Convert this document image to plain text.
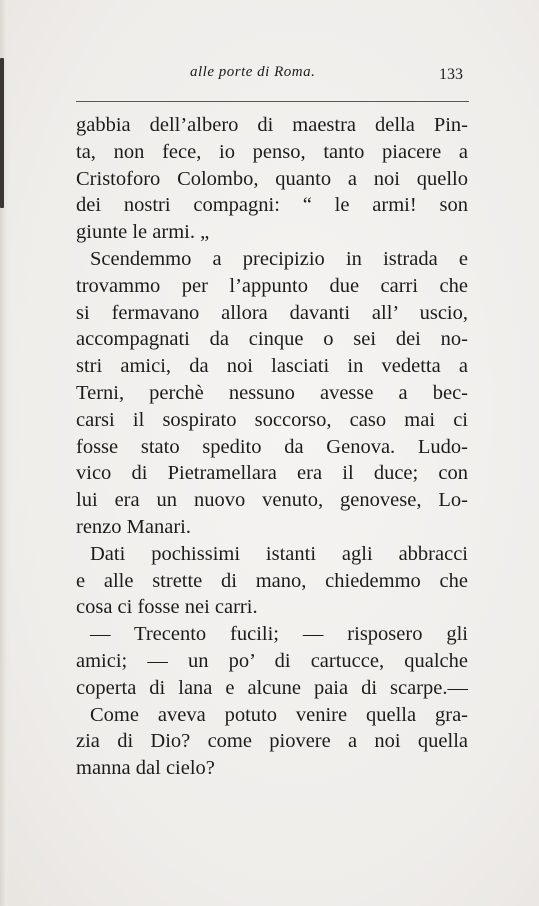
alle porte di Roma.	133
gabbia dell’albero di maestra della Pin-
ta, non fece, io penso, tanto piacere a
Cristoforo Colombo, quanto a noi quello
dei nostri compagni: “ le armi! son
giunte le armi. „
Scendemmo a precipizio in istrada e
trovammo per l’appunto due carri che
si fermavano allora davanti all’ uscio,
accompagnati da cinque o sei dei no-
stri amici, da noi lasciati in vedetta a
Terni, perchè nessuno avesse a bec-
carsi il sospirato soccorso, caso mai ci
fosse stato spedito da Genova. Ludo-
vico di Pietramellara era il duce; con
lui era un nuovo venuto, genovese, Lo-
renzo Manari.
Dati pochissimi istanti agli abbracci
e alle strette di mano, chiedemmo che
cosa ci fosse nei carri.
— Trecento fucili; — risposero gli
amici; — un po’ di cartucce, qualche
coperta di lana e alcune paia di scarpe.—
Come aveva potuto venire quella gra-
zia di Dio? come piovere a noi quella
manna dal cielo?
